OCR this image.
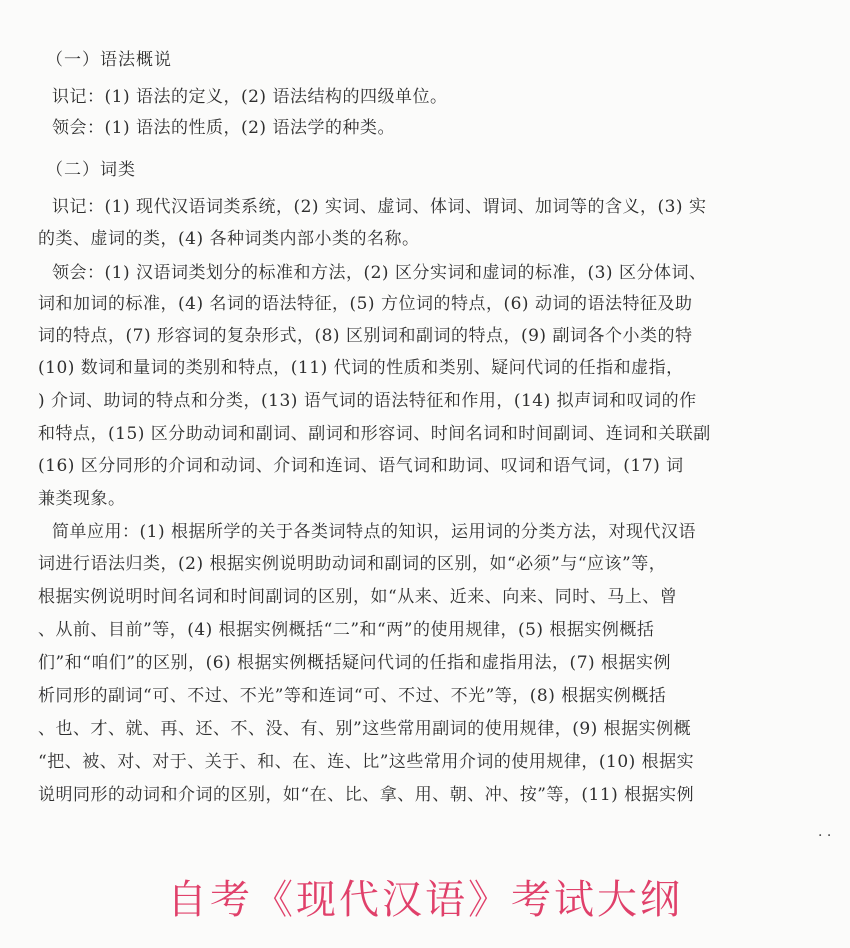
（一）语法概说
识记：(1) 语法的定义，(2) 语法结构的四级单位。
领会：(1) 语法的性质，(2) 语法学的种类。
（二）词类
识记：(1) 现代汉语词类系统，(2) 实词、虚词、体词、谓词、加词等的含义，(3) 实
的类、虚词的类，(4) 各种词类内部小类的名称。
领会：(1) 汉语词类划分的标准和方法，(2) 区分实词和虚词的标准，(3) 区分体词、
词和加词的标准，(4) 名词的语法特征，(5) 方位词的特点，(6) 动词的语法特征及助
词的特点，(7) 形容词的复杂形式，(8) 区别词和副词的特点，(9) 副词各个小类的特
(10) 数词和量词的类别和特点，(11) 代词的性质和类别、疑问代词的任指和虚指，
) 介词、助词的特点和分类，(13) 语气词的语法特征和作用，(14) 拟声词和叹词的作
和特点，(15) 区分助动词和副词、副词和形容词、时间名词和时间副词、连词和关联副
(16) 区分同形的介词和动词、介词和连词、语气词和助词、叹词和语气词，(17) 词
兼类现象。
简单应用：(1) 根据所学的关于各类词特点的知识，运用词的分类方法，对现代汉语
词进行语法归类，(2) 根据实例说明助动词和副词的区别，如“必须”与“应该”等，
根据实例说明时间名词和时间副词的区别，如“从来、近来、向来、同时、马上、曾
、从前、目前”等，(4) 根据实例概括“二”和“两”的使用规律，(5) 根据实例概括
们”和“咱们”的区别，(6) 根据实例概括疑问代词的任指和虚指用法，(7) 根据实例
析同形的副词“可、不过、不光”等和连词“可、不过、不光”等，(8) 根据实例概括
、也、才、就、再、还、不、没、有、别”这些常用副词的使用规律，(9) 根据实例概
“把、被、对、对于、关于、和、在、连、比”这些常用介词的使用规律，(10) 根据实
说明同形的动词和介词的区别，如“在、比、拿、用、朝、冲、按”等，(11) 根据实例
· ·
自考《现代汉语》考试大纲
